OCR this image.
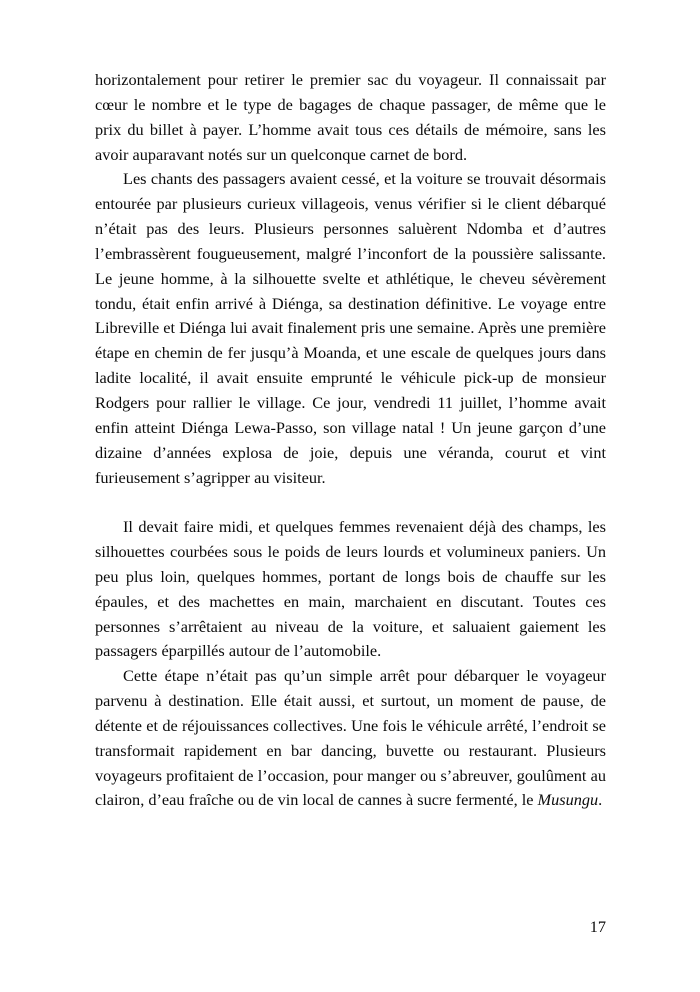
horizontalement pour retirer le premier sac du voyageur. Il connaissait par cœur le nombre et le type de bagages de chaque passager, de même que le prix du billet à payer. L’homme avait tous ces détails de mémoire, sans les avoir auparavant notés sur un quelconque carnet de bord.

Les chants des passagers avaient cessé, et la voiture se trouvait désormais entourée par plusieurs curieux villageois, venus vérifier si le client débarqué n’était pas des leurs. Plusieurs personnes saluèrent Ndomba et d’autres l’embrassèrent fougueusement, malgré l’inconfort de la poussière salissante. Le jeune homme, à la silhouette svelte et athlétique, le cheveu sévèrement tondu, était enfin arrivé à Diénga, sa destination définitive. Le voyage entre Libreville et Diénga lui avait finalement pris une semaine. Après une première étape en chemin de fer jusqu’à Moanda, et une escale de quelques jours dans ladite localité, il avait ensuite emprunté le véhicule pick-up de monsieur Rodgers pour rallier le village. Ce jour, vendredi 11 juillet, l’homme avait enfin atteint Diénga Lewa-Passo, son village natal ! Un jeune garçon d’une dizaine d’années explosa de joie, depuis une véranda, courut et vint furieusement s’agripper au visiteur.

Il devait faire midi, et quelques femmes revenaient déjà des champs, les silhouettes courbées sous le poids de leurs lourds et volumineux paniers. Un peu plus loin, quelques hommes, portant de longs bois de chauffe sur les épaules, et des machettes en main, marchaient en discutant. Toutes ces personnes s’arrêtaient au niveau de la voiture, et saluaient gaiement les passagers éparpillés autour de l’automobile.

Cette étape n’était pas qu’un simple arrêt pour débarquer le voyageur parvenu à destination. Elle était aussi, et surtout, un moment de pause, de détente et de réjouissances collectives. Une fois le véhicule arrêté, l’endroit se transformait rapidement en bar dancing, buvette ou restaurant. Plusieurs voyageurs profitaient de l’occasion, pour manger ou s’abreuver, goulûment au clairon, d’eau fraîche ou de vin local de cannes à sucre fermenté, le Musungu.

17
